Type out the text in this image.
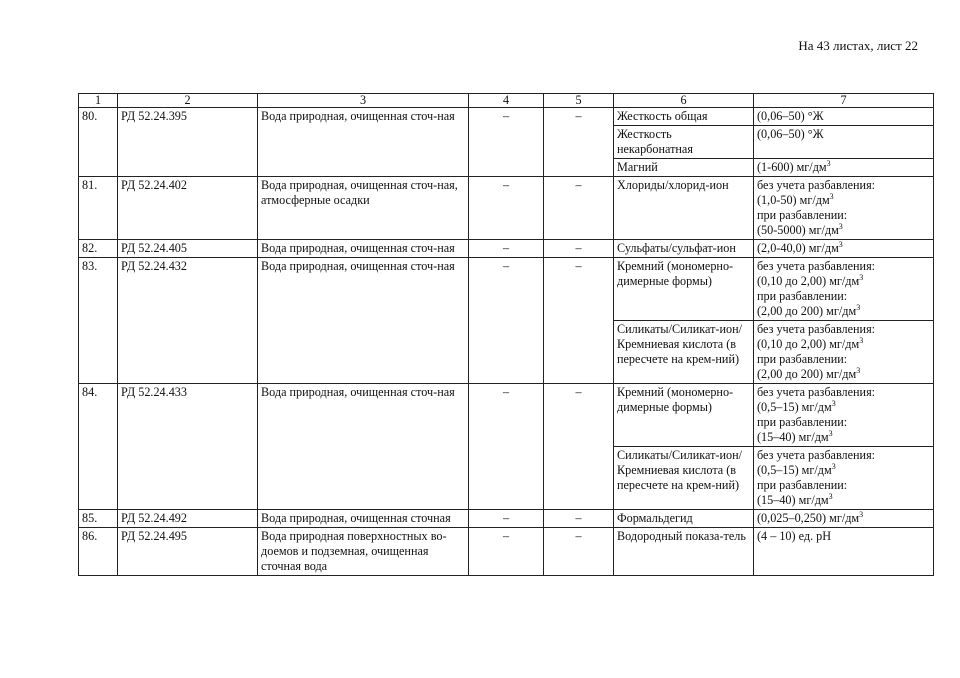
На 43 листах, лист 22
1	2	3	4	5	6	7
80.	РД 52.24.395	Вода природная, очищенная сточ-ная	–	–	Жесткость общая	(0,06–50) °Ж

					Жесткость некарбонатная	(0,06–50) °Ж

					Магний	(1-600) $мг/дм^3$

81.	РД 52.24.402	Вода природная, очищенная сточ-ная, атмосферные осадки	–	–	Хлориды/хлорид-ион	без учета разбавления:
(1,0-50) $мг/дм^3$
при разбавлении:
(50-5000) $мг/дм^3$

82.	РД 52.24.405	Вода природная, очищенная сточ-ная	–	–	Сульфаты/сульфат-ион	(2,0-40,0) $мг/дм^3$

83.	РД 52.24.432	Вода природная, очищенная сточ-ная	–	–	Кремний (мономерно-димерные формы)	без учета разбавления:
(0,10 до 2,00) $мг/дм^3$
при разбавлении:
(2,00 до 200) $мг/дм^3$

					Силикаты/Силикат-ион/ Кремниевая кислота (в пересчете на крем-ний)	без учета разбавления:
(0,10 до 2,00) $мг/дм^3$
при разбавлении:
(2,00 до 200) $мг/дм^3$

84.	РД 52.24.433	Вода природная, очищенная сточ-ная	–	–	Кремний (мономерно-димерные формы)	без учета разбавления:
(0,5–15) $мг/дм^3$
при разбавлении:
(15–40) $мг/дм^3$

					Силикаты/Силикат-ион/ Кремниевая кислота (в пересчете на крем-ний)	без учета разбавления:
(0,5–15) $мг/дм^3$
при разбавлении:
(15–40) $мг/дм^3$

85.	РД 52.24.492	Вода природная, очищенная сточная	–	–	Формальдегид	(0,025–0,250) $мг/дм^3$

86.	РД 52.24.495	Вода природная поверхностных во-доемов и подземная, очищенная сточная вода	–	–	Водородный показа-тель	(4 – 10) ед. pH
